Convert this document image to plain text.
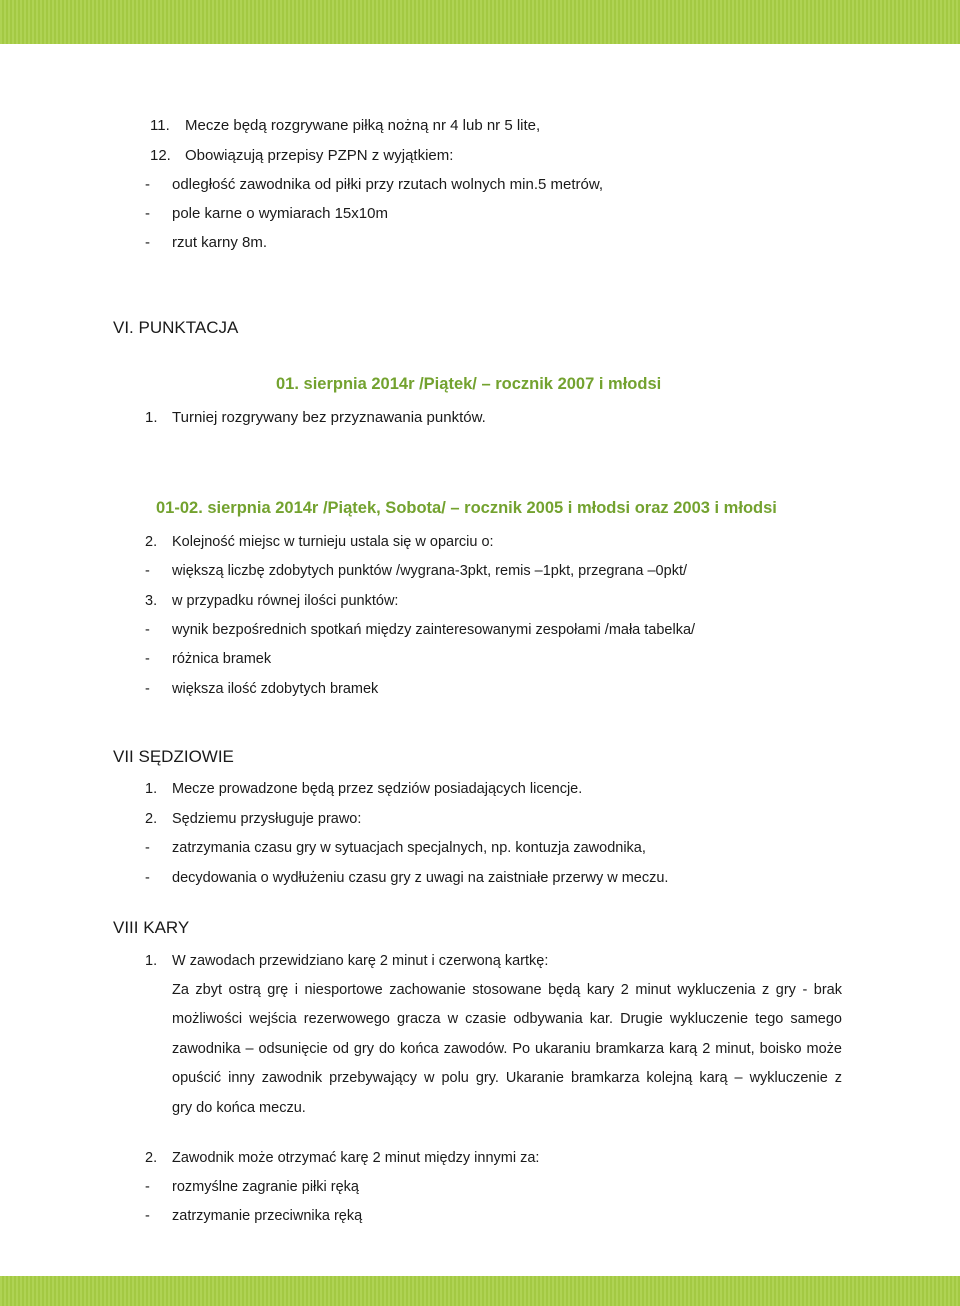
11. Mecze będą rozgrywane piłką nożną nr 4 lub nr 5 lite,
12. Obowiązują przepisy PZPN z wyjątkiem:
- odległość zawodnika od piłki przy rzutach wolnych min.5 metrów,
- pole karne o wymiarach 15x10m
- rzut karny 8m.
VI. PUNKTACJA
01. sierpnia 2014r /Piątek/ – rocznik 2007 i młodsi
1. Turniej rozgrywany bez przyznawania punktów.
01-02. sierpnia 2014r /Piątek, Sobota/ – rocznik 2005 i młodsi oraz 2003 i młodsi
2. Kolejność miejsc w turnieju ustala się w oparciu o:
- większą liczbę zdobytych punktów /wygrana-3pkt, remis –1pkt, przegrana –0pkt/
3. w przypadku równej ilości punktów:
- wynik bezpośrednich spotkań między zainteresowanymi zespołami /mała tabelka/
- różnica bramek
- większa ilość zdobytych bramek
VII SĘDZIOWIE
1. Mecze prowadzone będą przez sędziów posiadających licencje.
2. Sędziemu przysługuje prawo:
- zatrzymania czasu gry w sytuacjach specjalnych, np. kontuzja zawodnika,
- decydowania o wydłużeniu czasu gry z uwagi na zaistniałe przerwy w meczu.
VIII KARY
1. W zawodach przewidziano karę 2 minut i czerwoną kartkę:
Za zbyt ostrą grę i niesportowe zachowanie stosowane będą kary 2 minut wykluczenia z gry - brak
możliwości wejścia rezerwowego gracza w czasie odbywania kar. Drugie wykluczenie tego samego
zawodnika – odsunięcie od gry do końca zawodów. Po ukaraniu bramkarza karą 2 minut, boisko może
opuścić inny zawodnik przebywający w polu gry. Ukaranie bramkarza kolejną karą – wykluczenie z
gry do końca meczu.
2. Zawodnik może otrzymać karę 2 minut między innymi za:
- rozmyślne zagranie piłki ręką
- zatrzymanie przeciwnika ręką
